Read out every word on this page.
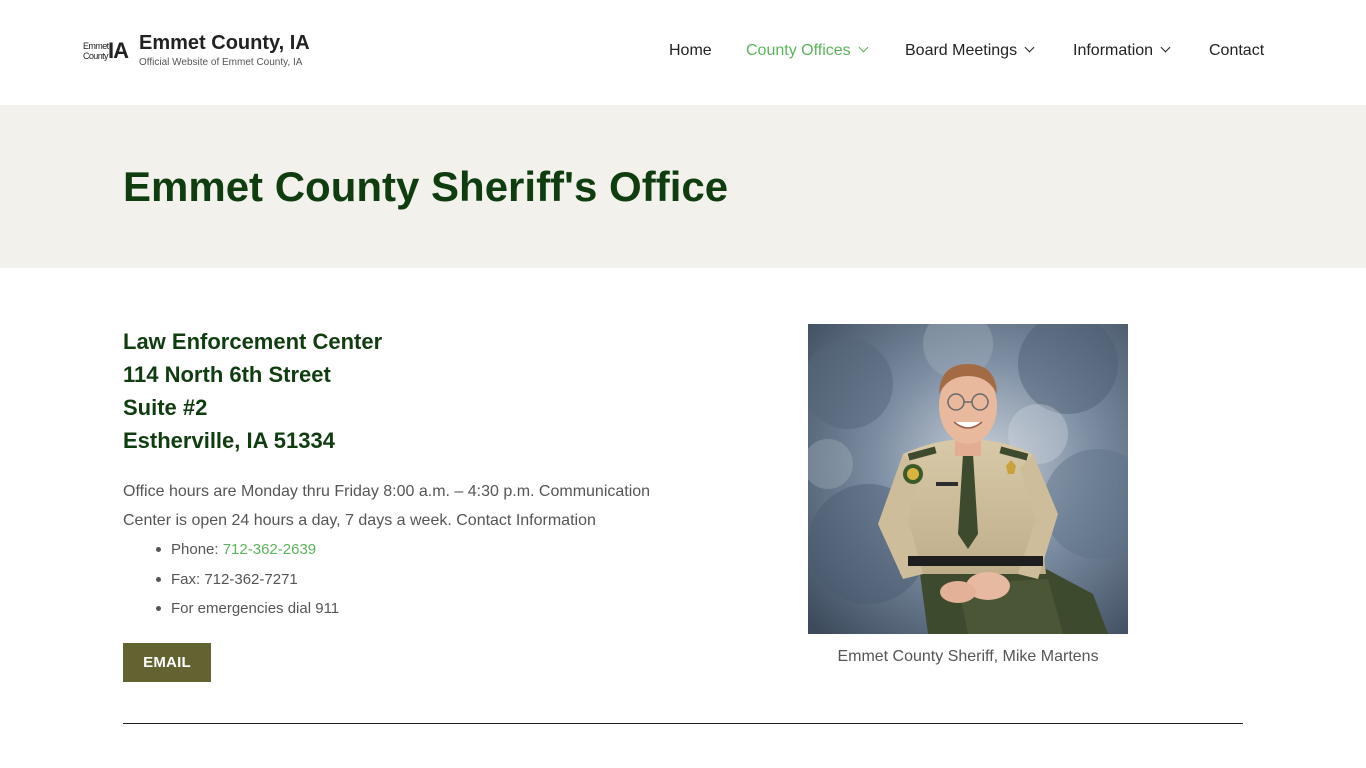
Emmet
County IA Emmet County, IA
Official Website of Emmet County, IA
Home County Offices	Board Meetings	Information	Contact
Emmet County Sheriff's Office
Law Enforcement Center
114 North 6th Street
Suite #2
Estherville, IA 51334

Office hours are Monday thru Friday 8:00 a.m. – 4:30 p.m. Communication Center is open 24 hours a day, 7 days a week. Contact Information

Phone: 712-362-2639
Fax: 712-362-7271
For emergencies dial 911
EMAIL	Emmet County Sheriff, Mike Martens
